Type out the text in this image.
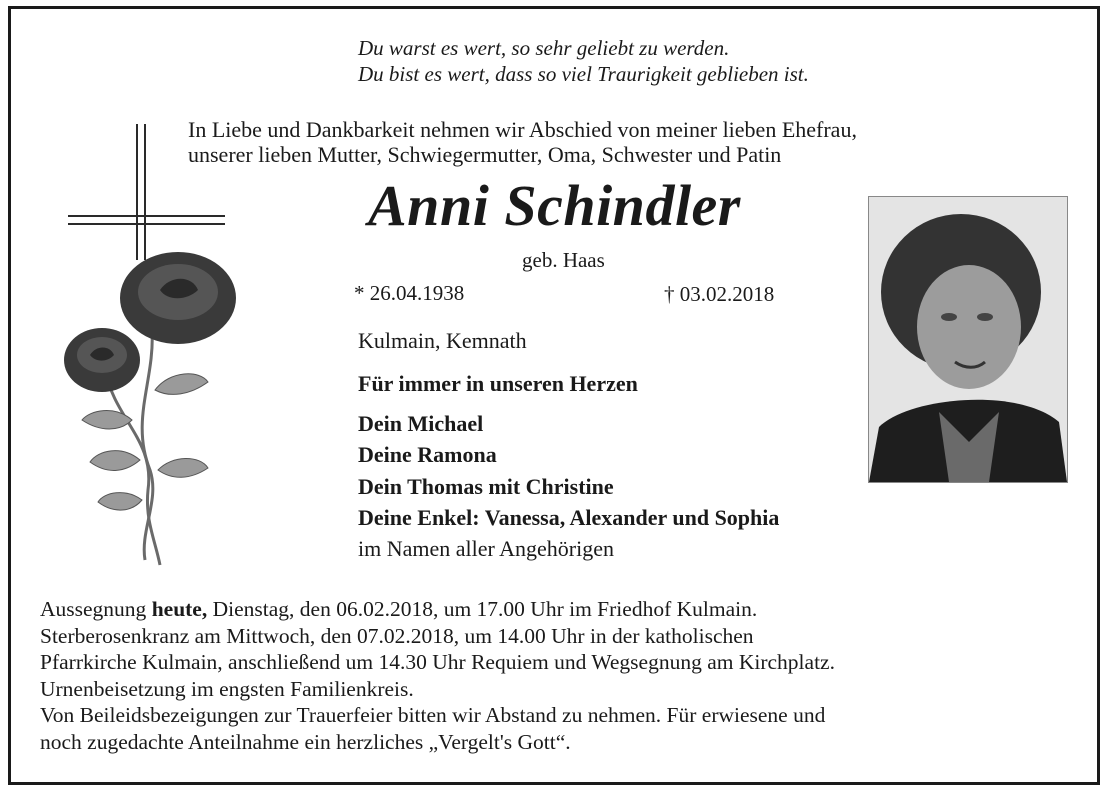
Du warst es wert, so sehr geliebt zu werden.
Du bist es wert, dass so viel Traurigkeit geblieben ist.
In Liebe und Dankbarkeit nehmen wir Abschied von meiner lieben Ehefrau,
unserer lieben Mutter, Schwiegermutter, Oma, Schwester und Patin
Anni Schindler
geb. Haas
* 26.04.1938	† 03.02.2018
Kulmain, Kemnath
Für immer in unseren Herzen
Dein Michael
Deine Ramona
Dein Thomas mit Christine
Deine Enkel: Vanessa, Alexander und Sophia
im Namen aller Angehörigen
Aussegnung heute, Dienstag, den 06.02.2018, um 17.00 Uhr im Friedhof Kulmain.
Sterberosenkranz am Mittwoch, den 07.02.2018, um 14.00 Uhr in der katholischen
Pfarrkirche Kulmain, anschließend um 14.30 Uhr Requiem und Wegsegnung am Kirchplatz.
Urnenbeisetzung im engsten Familienkreis.
Von Beileidsbezeigungen zur Trauerfeier bitten wir Abstand zu nehmen. Für erwiesene und
noch zugedachte Anteilnahme ein herzliches „Vergelt's Gott“.
